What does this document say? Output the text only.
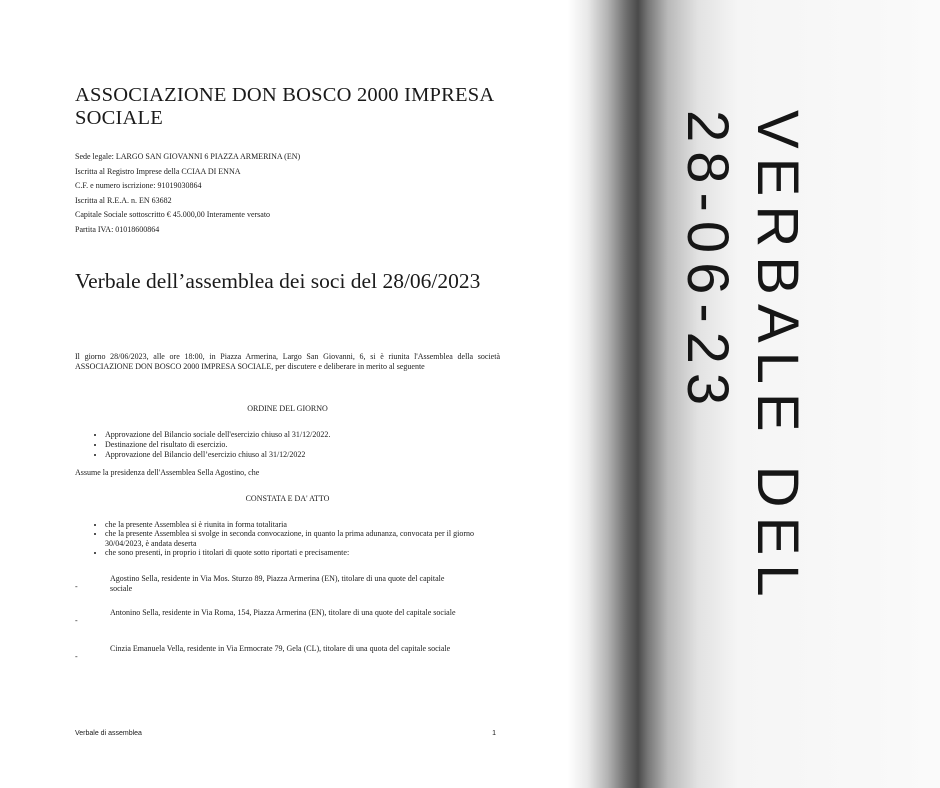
ASSOCIAZIONE DON BOSCO 2000 IMPRESA SOCIALE
Sede legale: LARGO SAN GIOVANNI 6 PIAZZA ARMERINA (EN)
Iscritta al Registro Imprese della CCIAA DI ENNA
C.F. e numero iscrizione: 91019030864
Iscritta al R.E.A. n. EN 63682
Capitale Sociale sottoscritto € 45.000,00 Interamente versato
Partita IVA: 01018600864
Verbale dell’assemblea dei soci del 28/06/2023

Il giorno 28/06/2023, alle ore 18:00, in Piazza Armerina, Largo San Giovanni, 6, si è riunita l'Assemblea della società ASSOCIAZIONE DON BOSCO 2000 IMPRESA SOCIALE, per discutere e deliberare in merito al seguente

ORDINE DEL GIORNO
• Approvazione del Bilancio sociale dell'esercizio chiuso al 31/12/2022.
• Destinazione del risultato di esercizio.
• Approvazione del Bilancio dell’esercizio chiuso al 31/12/2022
Assume la presidenza dell'Assemblea Sella Agostino, che
CONSTATA E DA' ATTO
• che la presente Assemblea si è riunita in forma totalitaria
• che la presente Assemblea si svolge in seconda convocazione, in quanto la prima adunanza, convocata per il giorno 30/04/2023, è andata deserta
• che sono presenti, in proprio i titolari di quote sotto riportati e precisamente:
-
Agostino Sella, residente in Via Mos. Sturzo 89, Piazza Armerina (EN), titolare di una quote del capitale sociale
-
Antonino Sella, residente in Via Roma, 154, Piazza Armerina (EN), titolare di una quote del capitale sociale
-
Cinzia Emanuela Vella, residente in Via Ermocrate 79, Gela (CL), titolare di una quota del capitale sociale
Verbale di assemblea	1
VERBALE DEL
28-06-23
